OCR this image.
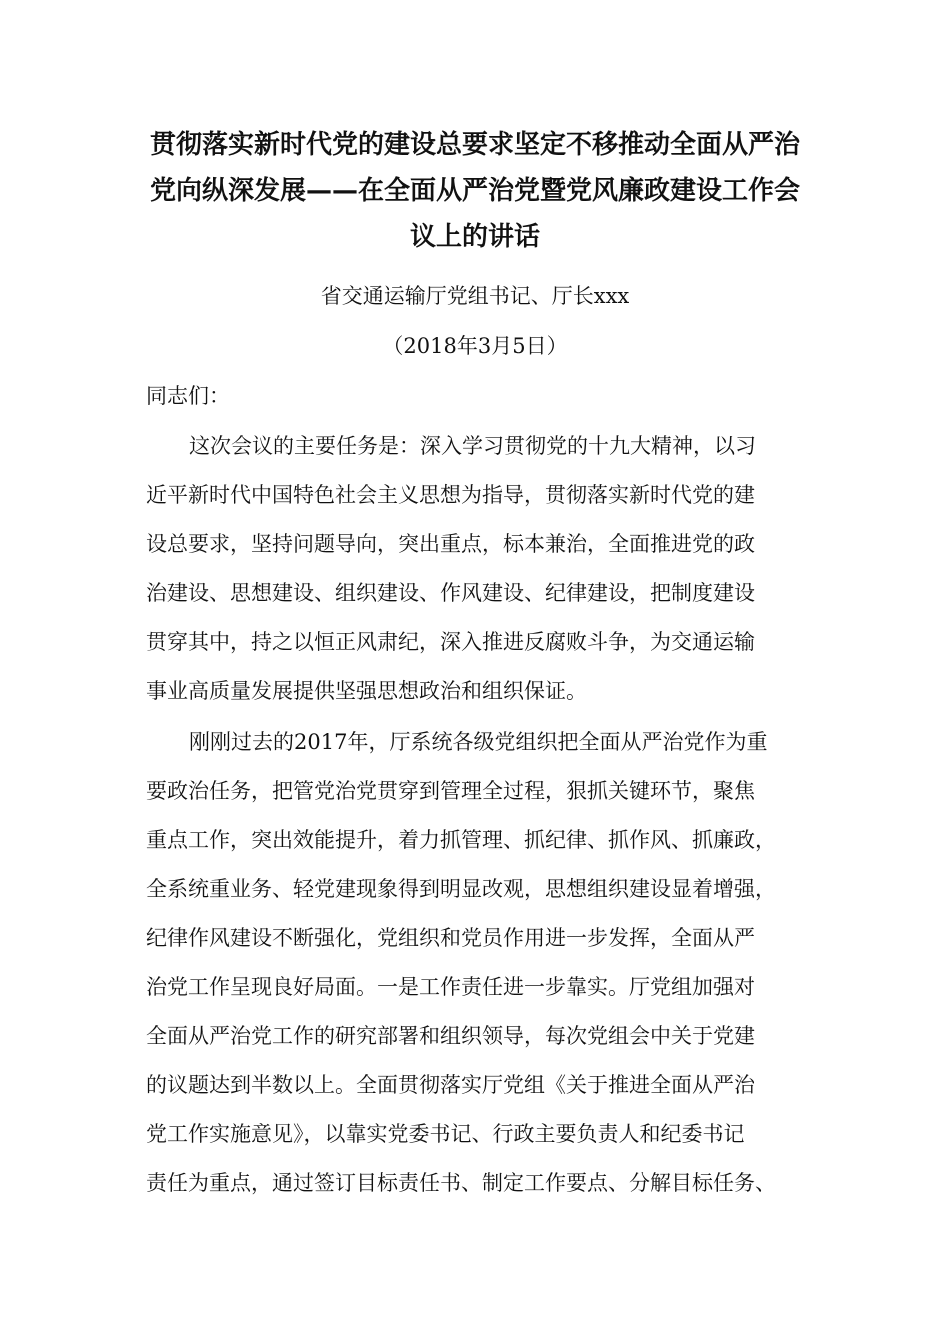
贯彻落实新时代党的建设总要求坚定不移推动全面从严治
党向纵深发展——在全面从严治党暨党风廉政建设工作会
议上的讲话
省交通运输厅党组书记、厅长xxx
（2018年3月5日）
同志们：
这次会议的主要任务是：深入学习贯彻党的十九大精神，以习
近平新时代中国特色社会主义思想为指导，贯彻落实新时代党的建
设总要求，坚持问题导向，突出重点，标本兼治，全面推进党的政
治建设、思想建设、组织建设、作风建设、纪律建设，把制度建设
贯穿其中，持之以恒正风肃纪，深入推进反腐败斗争，为交通运输
事业高质量发展提供坚强思想政治和组织保证。
刚刚过去的2017年，厅系统各级党组织把全面从严治党作为重
要政治任务，把管党治党贯穿到管理全过程，狠抓关键环节，聚焦
重点工作，突出效能提升，着力抓管理、抓纪律、抓作风、抓廉政，
全系统重业务、轻党建现象得到明显改观，思想组织建设显着增强，
纪律作风建设不断强化，党组织和党员作用进一步发挥，全面从严
治党工作呈现良好局面。一是工作责任进一步靠实。厅党组加强对
全面从严治党工作的研究部署和组织领导，每次党组会中关于党建
的议题达到半数以上。全面贯彻落实厅党组《关于推进全面从严治
党工作实施意见》，以靠实党委书记、行政主要负责人和纪委书记
责任为重点，通过签订目标责任书、制定工作要点、分解目标任务、
